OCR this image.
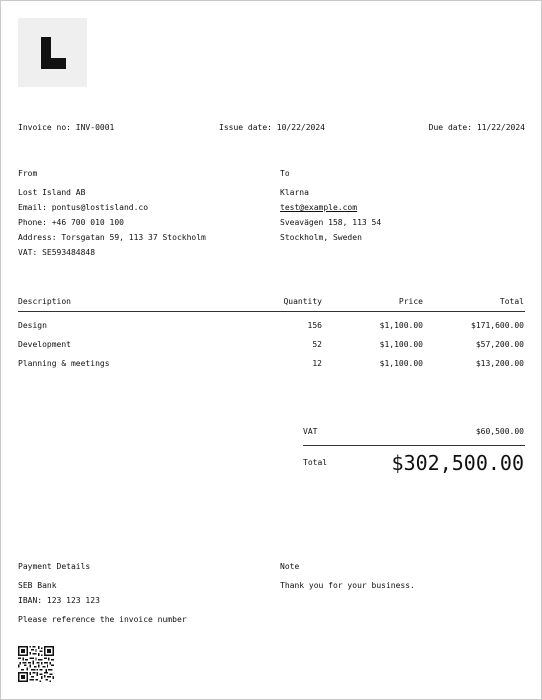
Invoice no: INV-0001	Issue date: 10/22/2024	Due date: 11/22/2024
From
Lost Island AB
Email: pontus@lostisland.co
Phone: +46 700 010 100
Address: Torsgatan 59, 113 37 Stockholm
VAT: SE593484848
To
Klarna
test@example.com
Sveavägen 158, 113 54
Stockholm, Sweden
Description	Quantity	Price	Total
Design	156	$1,100.00	$171,600.00
Development	52	$1,100.00	$57,200.00
Planning & meetings	12	$1,100.00	$13,200.00
VAT	$60,500.00
Total	$302,500.00
Payment Details
SEB Bank
IBAN: 123 123 123
Please reference the invoice number
Note
Thank you for your business.
